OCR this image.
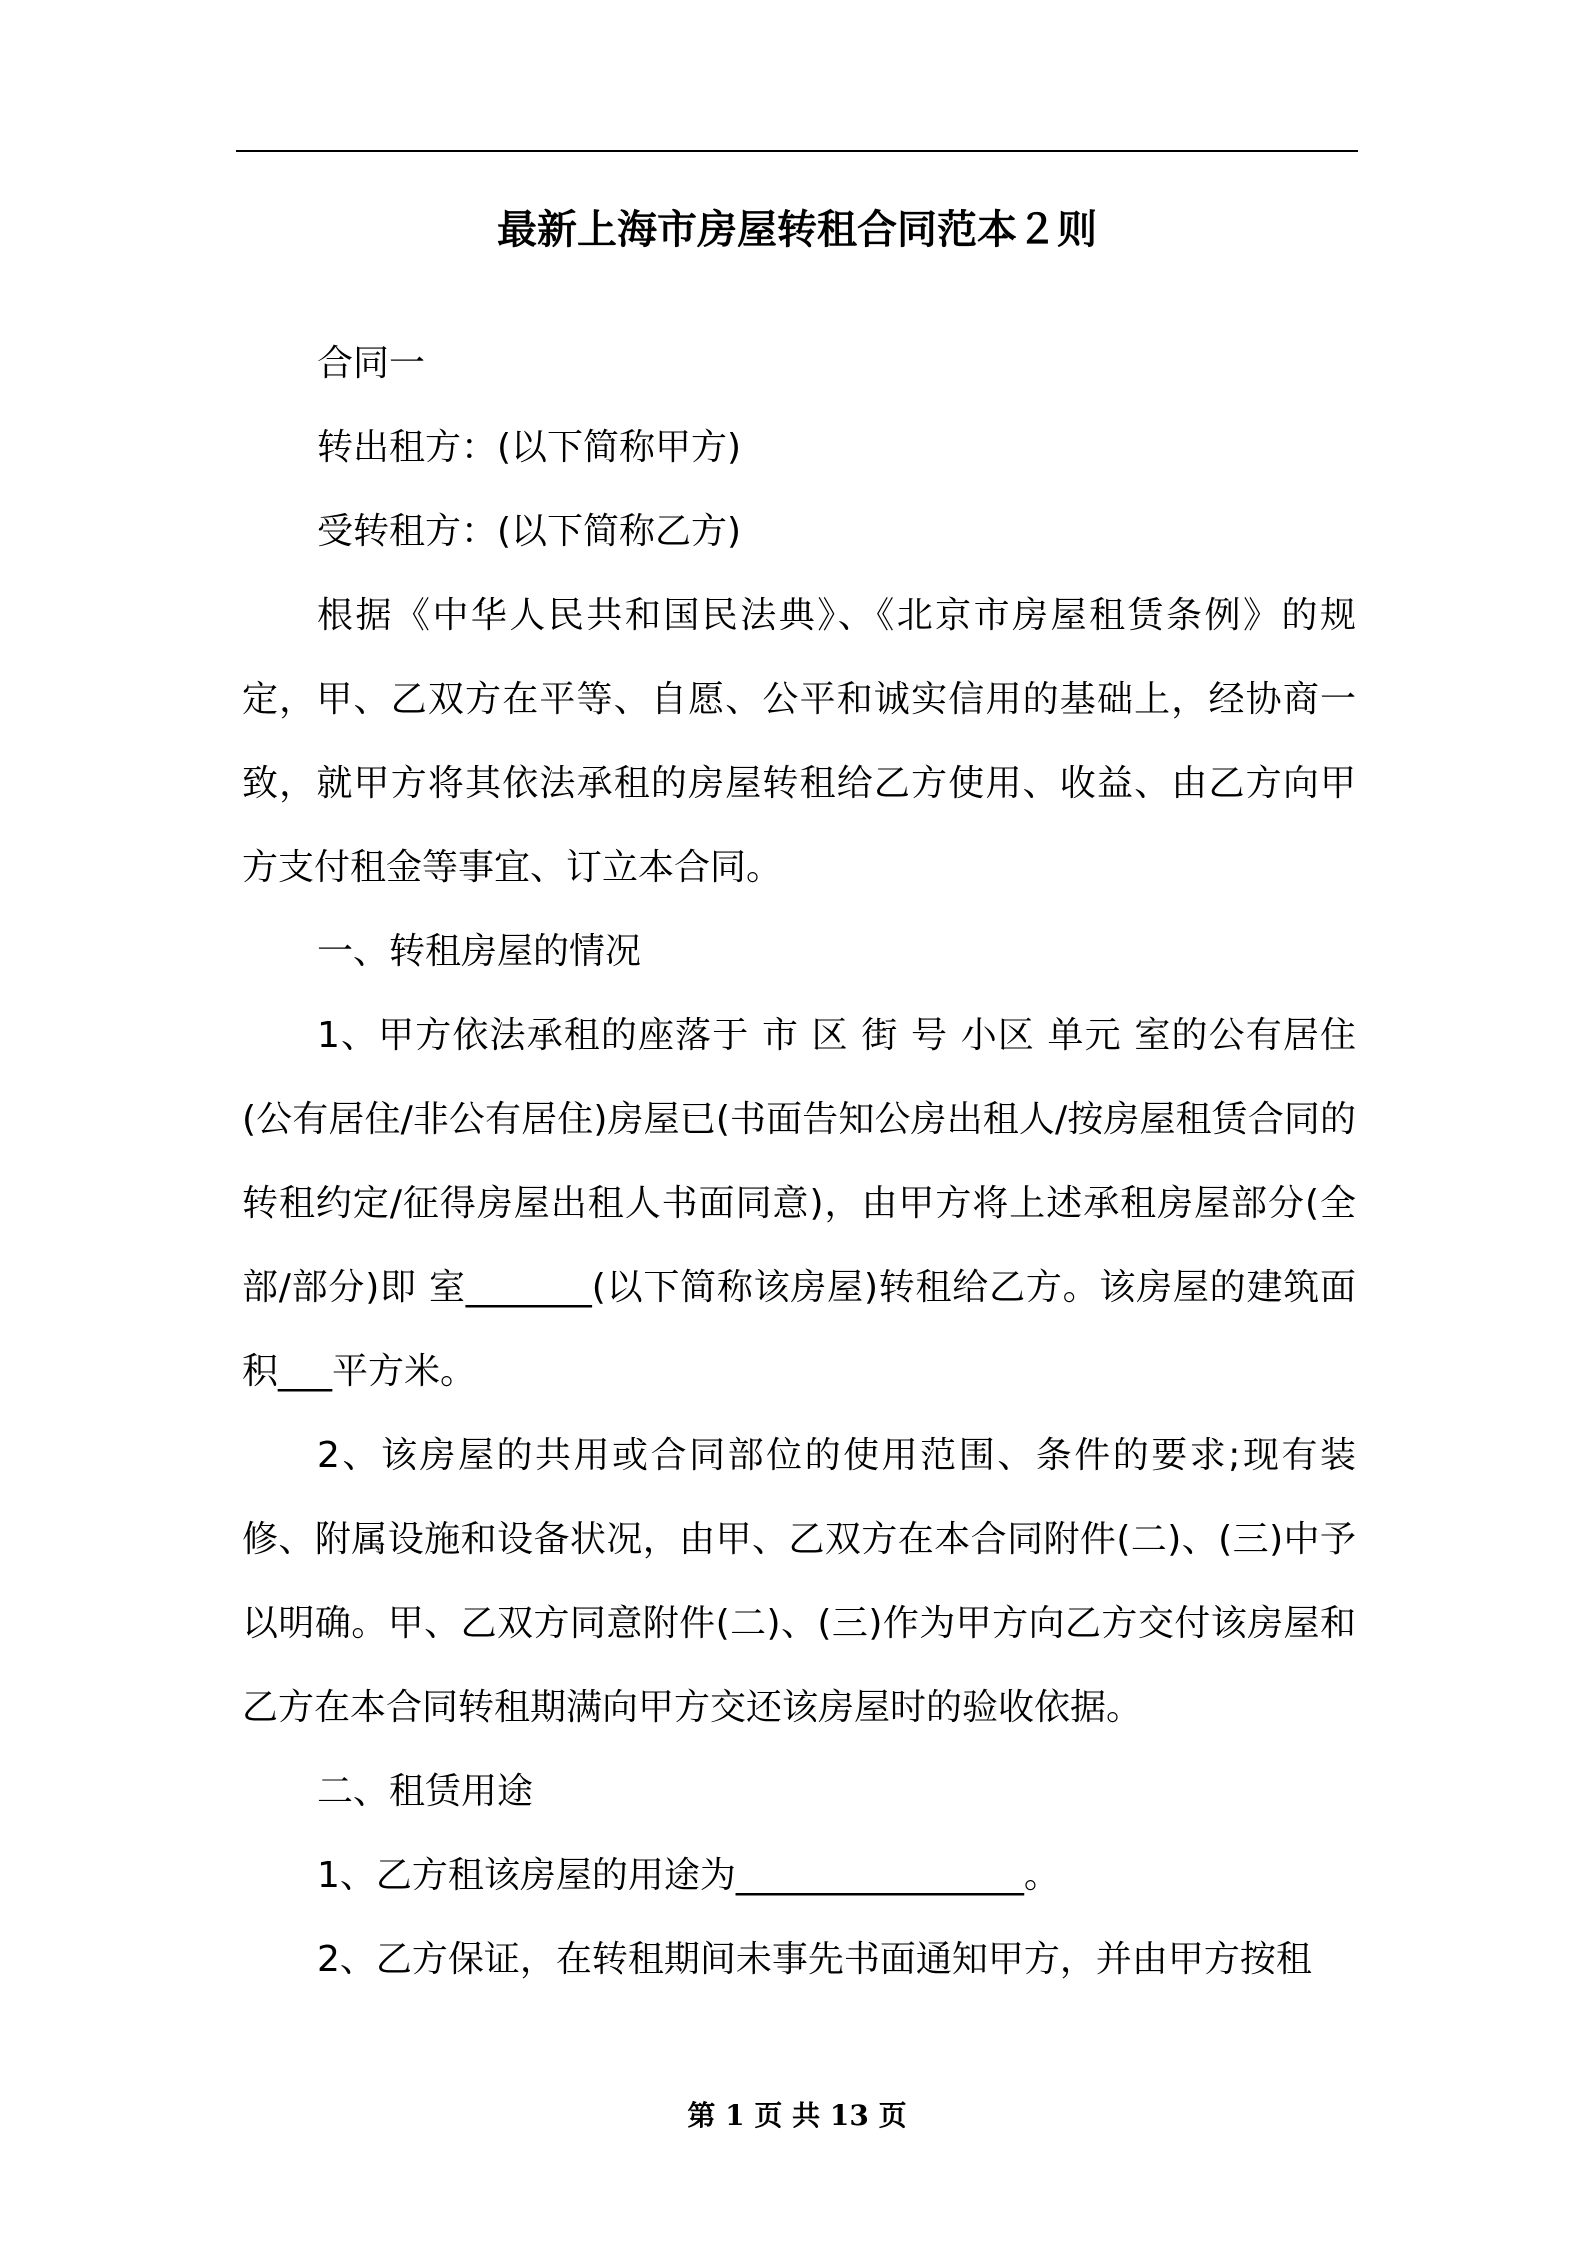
最新上海市房屋转租合同范本２则

合同一

转出租方：(以下简称甲方)

受转租方：(以下简称乙方)

根据《中华人民共和国民法典》、《北京市房屋租赁条例》的规定，甲、乙双方在平等、自愿、公平和诚实信用的基础上，经协商一致，就甲方将其依法承租的房屋转租给乙方使用、收益、由乙方向甲方支付租金等事宜、订立本合同。

一、转租房屋的情况

1、甲方依法承租的座落于 市 区 街 号 小区 单元 室的公有居住(公有居住/非公有居住)房屋已(书面告知公房出租人/按房屋租赁合同的转租约定/征得房屋出租人书面同意)，由甲方将上述承租房屋部分(全部/部分)即 室_______(以下简称该房屋)转租给乙方。该房屋的建筑面积___平方米。

2、该房屋的共用或合同部位的使用范围、条件的要求;现有装修、附属设施和设备状况，由甲、乙双方在本合同附件(二)、(三)中予以明确。甲、乙双方同意附件(二)、(三)作为甲方向乙方交付该房屋和乙方在本合同转租期满向甲方交还该房屋时的验收依据。

二、租赁用途

1、乙方租该房屋的用途为________________。

2、乙方保证，在转租期间未事先书面通知甲方，并由甲方按租

第 1 页 共 13 页
